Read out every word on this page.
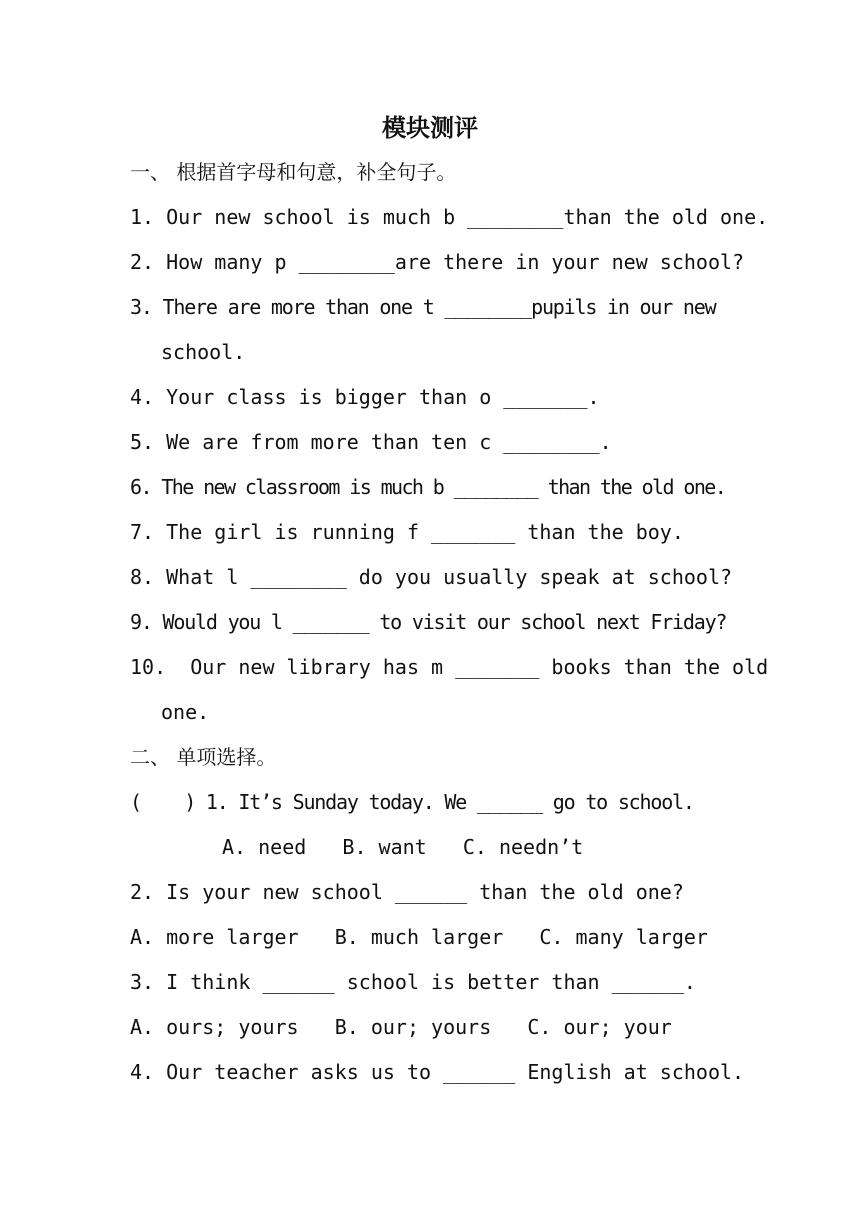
模块测评
一、 根据首字母和句意，补全句子。
1. Our new school is much b ________than the old one.
2. How many p ________are there in your new school?
3. There are more than one t ________pupils in our new
school.
4. Your class is bigger than o _______.
5. We are from more than ten c ________.
6. The new classroom is much b ________ than the old one.
7. The girl is running f _______ than the boy.
8. What l ________ do you usually speak at school?
9. Would you l _______ to visit our school next Friday?
10.  Our new library has m _______ books than the old
one.
二、 单项选择。
(    ) 1. It’s Sunday today. We ______ go to school.
A. need   B. want   C. needn’t
2. Is your new school ______ than the old one?
A. more larger   B. much larger   C. many larger
3. I think ______ school is better than ______.
A. ours; yours   B. our; yours   C. our; your
4. Our teacher asks us to ______ English at school.
